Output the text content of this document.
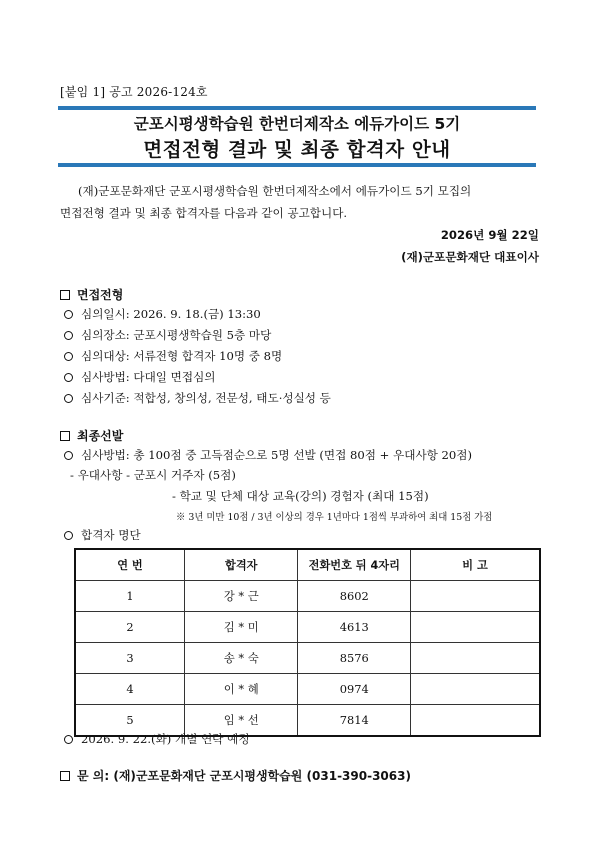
[붙임 1] 공고 2026-124호
군포시평생학습원 한번더제작소 에듀가이드 5기
면접전형 결과 및 최종 합격자 안내
(재)군포문화재단 군포시평생학습원 한번더제작소에서 에듀가이드 5기 모집의
면접전형 결과 및 최종 합격자를 다음과 같이 공고합니다.
2026년 9월 22일
(재)군포문화재단 대표이사
면접전형
심의일시: 2026. 9. 18.(금) 13:30
심의장소: 군포시평생학습원 5층 마당
심의대상: 서류전형 합격자 10명 중 8명
심사방법: 다대일 면접심의
심사기준: 적합성, 창의성, 전문성, 태도·성실성 등
최종선발
심사방법: 총 100점 중 고득점순으로 5명 선발 (면접 80점 + 우대사항 20점)
- 우대사항 - 군포시 거주자 (5점)
- 학교 및 단체 대상 교육(강의) 경험자 (최대 15점)
※ 3년 미만 10점 / 3년 이상의 경우 1년마다 1점씩 부과하여 최대 15점 가점
합격자 명단
연 번	합격자	전화번호 뒤 4자리	비 고
1	강 * 근	8602	
2	김 * 미	4613	
3	송 * 숙	8576	
4	이 * 혜	0974	
5	임 * 선	7814	
2026. 9. 22.(화) 개별 연락 예정
문 의: (재)군포문화재단 군포시평생학습원 (031-390-3063)
